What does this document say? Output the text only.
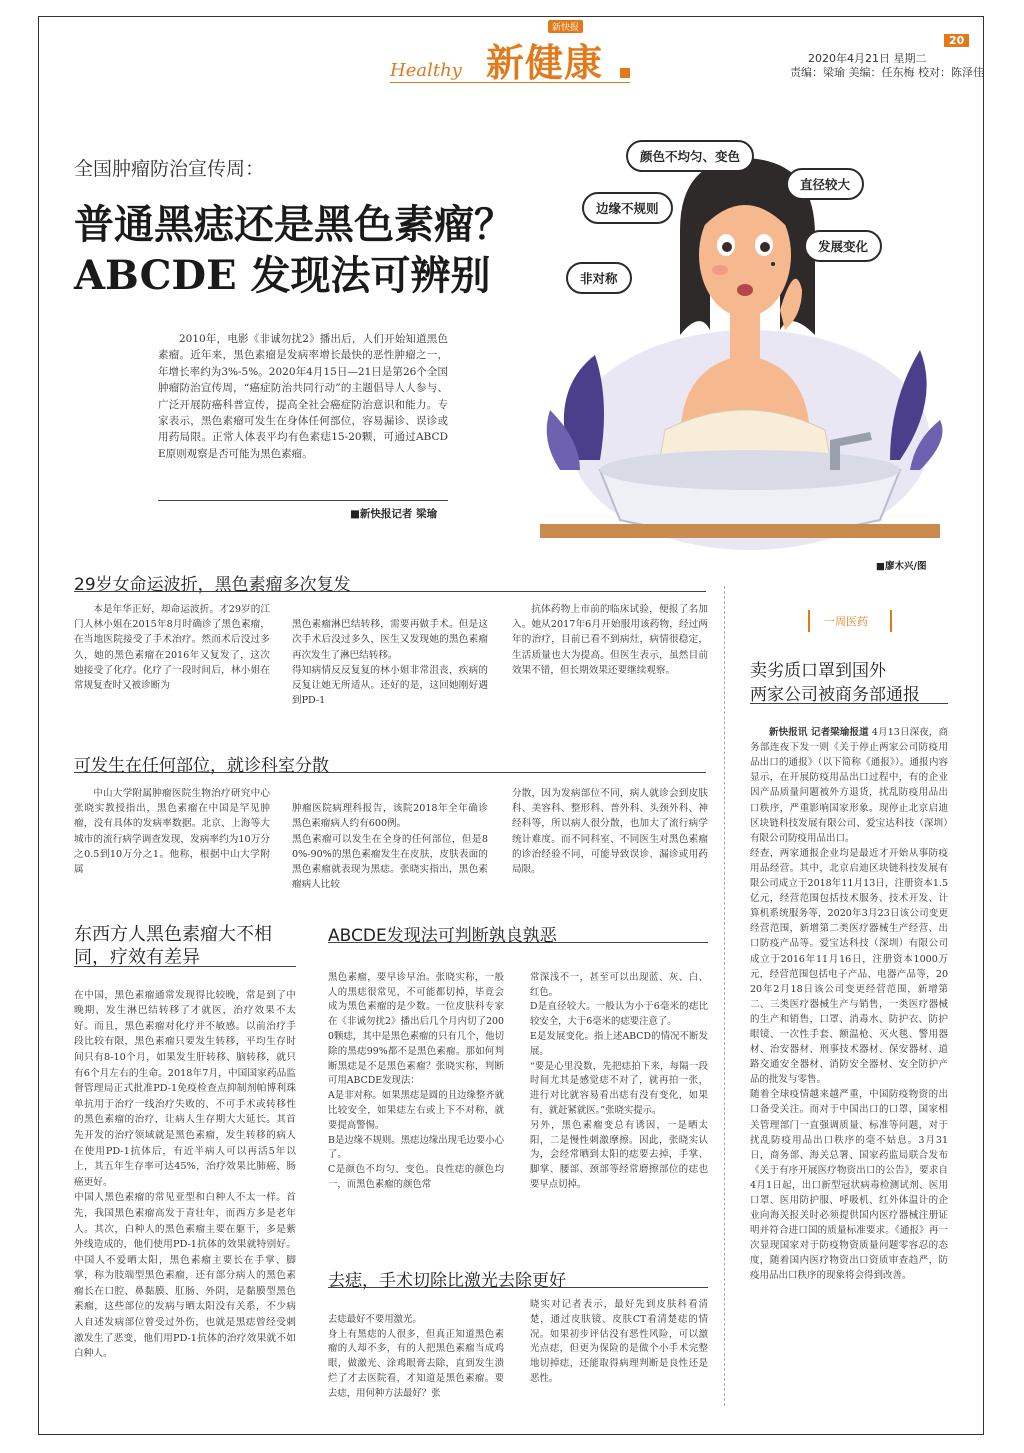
新快报
Healthy 新健康	20
2020年4月21日 星期二
责编：梁瑜 美编：任东梅 校对：陈泽佳
全国肿瘤防治宣传周：
普通黑痣还是黑色素瘤？
ABCDE 发现法可辨别

2010年，电影《非诚勿扰2》播出后，人们开始知道黑色素瘤。近年来，黑色素瘤是发病率增长最快的恶性肿瘤之一，年增长率约为3%-5%。2020年4月15日—21日是第26个全国肿瘤防治宣传周，“癌症防治共同行动”的主题倡导人人参与、广泛开展防癌科普宣传，提高全社会癌症防治意识和能力。专家表示，黑色素瘤可发生在身体任何部位，容易漏诊、误诊或用药局限。正常人体表平均有色素痣15-20颗，可通过ABCDE原则观察是否可能为黑色素瘤。

■新快报记者 梁瑜
颜色不均匀、变色
边缘不规则
直径较大
发展变化
非对称
■廖木兴/图
29岁女命运波折，黑色素瘤多次复发

本是年华正好，却命运波折。才29岁的江门人林小姐在2015年8月时确诊了黑色素瘤，在当地医院接受了手术治疗。然而术后没过多久，她的黑色素瘤在2016年又复发了，这次她接受了化疗。化疗了一段时间后，林小姐在常规复查时又被诊断为

黑色素瘤淋巴结转移，需要再做手术。但是这次手术后没过多久，医生又发现她的黑色素瘤再次发生了淋巴结转移。
得知病情反反复复的林小姐非常沮丧，疾病的反复让她无所适从。还好的是，这回她刚好遇到PD-1

抗体药物上市前的临床试验，便报了名加入。她从2017年6月开始服用该药物，经过两年的治疗，目前已看不到病灶，病情很稳定，生活质量也大为提高。但医生表示，虽然目前效果不错，但长期效果还要继续观察。

可发生在任何部位，就诊科室分散

中山大学附属肿瘤医院生物治疗研究中心张晓实教授指出，黑色素瘤在中国是罕见肿瘤，没有具体的发病率数据。北京、上海等大城市的流行病学调查发现，发病率约为10万分之0.5到10万分之1。他称，根据中山大学附属

肿瘤医院病理科报告，该院2018年全年确诊黑色素瘤病人约有600例。
黑色素瘤可以发生在全身的任何部位，但是80%-90%的黑色素瘤发生在皮肤，皮肤表面的黑色素瘤就表现为黑痣。张晓实指出，黑色素瘤病人比较

分散，因为发病部位不同，病人就诊会到皮肤科、美容科、整形科、普外科、头颈外科、神经科等，所以病人很分散，也加大了流行病学统计难度。而不同科室、不同医生对黑色素瘤的诊治经验不同，可能导致误诊、漏诊或用药局限。

东西方人黑色素瘤大不相
同，疗效有差异

在中国，黑色素瘤通常发现得比较晚，常是到了中晚期、发生淋巴结转移了才就医，治疗效果不太好。而且，黑色素瘤对化疗并不敏感。以前治疗手段比较有限，黑色素瘤只要发生转移，平均生存时间只有8-10个月，如果发生肝转移、脑转移，就只有6个月左右的生命。2018年7月，中国国家药品监督管理局正式批准PD-1免疫检查点抑制剂帕博利珠单抗用于治疗一线治疗失败的、不可手术或转移性的黑色素瘤的治疗，让病人生存期大大延长。其首先开发的治疗领域就是黑色素瘤，发生转移的病人在使用PD-1抗体后，有近半病人可以再活5年以上，其五年生存率可达45%，治疗效果比肺癌、肠癌更好。
中国人黑色素瘤的常见亚型和白种人不太一样。首先，我国黑色素瘤高发于青壮年，而西方多是老年人。其次，白种人的黑色素瘤主要在躯干，多是紫外线造成的，他们使用PD-1抗体的效果就特别好。中国人不爱晒太阳，黑色素瘤主要长在手掌、脚掌，称为肢端型黑色素瘤，还有部分病人的黑色素瘤长在口腔、鼻黏膜、肛肠、外阴，是黏膜型黑色素瘤，这些部位的发病与晒太阳没有关系，不少病人自述发病部位曾受过外伤，也就是黑痣曾经受刺激发生了恶变，他们用PD-1抗体的治疗效果就不如白种人。

ABCDE发现法可判断孰良孰恶

黑色素瘤，要早诊早治。张晓实称，一般人的黑痣很常见，不可能都切掉，毕竟会成为黑色素瘤的是少数。一位皮肤科专家在《非诚勿扰2》播出后几个月内切了2000颗痣，其中是黑色素瘤的只有几个，他切除的黑痣99%都不是黑色素瘤。那如何判断黑痣是不是黑色素瘤？张晓实称，判断可用ABCDE发现法：
A是非对称。如果黑痣是圆的且边缘整齐就比较安全，如果痣左右或上下不对称，就要提高警惕。
B是边缘不规则。黑痣边缘出现毛边要小心了。
C是颜色不均匀、变色。良性痣的颜色均一，而黑色素瘤的颜色常

常深浅不一，甚至可以出现蓝、灰、白、红色。
D是直径较大。一般认为小于6毫米的痣比较安全，大于6毫米的痣要注意了。
E是发展变化。指上述ABCD的情况不断发展。
“要是心里没数，先把痣拍下来，每隔一段时间尤其是感觉痣不对了，就再拍一张，进行对比就容易看出痣有没有变化，如果有，就赶紧就医。”张晓实提示。
另外，黑色素瘤变总有诱因，一是晒太阳，二是慢性刺激摩擦。因此，张晓实认为，会经常晒到太阳的痣要去掉，手掌、脚掌、腰部、颈部等经常磨擦部位的痣也要早点切掉。

去痣，手术切除比激光去除更好

去痣最好不要用激光。
身上有黑痣的人很多，但真正知道黑色素瘤的人却不多，有的人把黑色素瘤当成鸡眼，做激光、涂鸡眼膏去除，直到发生溃烂了才去医院看，才知道是黑色素瘤。要去痣，用何种方法最好？张

晓实对记者表示，最好先到皮肤科看清楚，通过皮肤镜、皮肤CT看清楚痣的情况。如果初步评估没有恶性风险，可以激光点痣，但更为保险的是做个小手术完整地切掉痣，还能取得病理判断是良性还是恶性。

一周医药
卖劣质口罩到国外
两家公司被商务部通报

新快报讯 记者梁瑜报道 4月13日深夜，商务部连夜下发一则《关于停止两家公司防疫用品出口的通报》（以下简称《通报》）。通报内容显示，在开展防疫用品出口过程中，有的企业因产品质量问题被外方退货，扰乱防疫用品出口秩序，严重影响国家形象。现停止北京启迪区块链科技发展有限公司、爱宝达科技（深圳）有限公司防疫用品出口。
经查，两家通报企业均是最近才开始从事防疫用品经营。其中，北京启迪区块链科技发展有限公司成立于2018年11月13日，注册资本1.5亿元，经营范围包括技术服务、技术开发、计算机系统服务等，2020年3月23日该公司变更经营范围，新增第二类医疗器械生产经营、出口防疫产品等。爱宝达科技（深圳）有限公司成立于2016年11月16日，注册资本1000万元，经营范围包括电子产品、电器产品等，2020年2月18日该公司变更经营范围，新增第二、三类医疗器械生产与销售，一类医疗器械的生产和销售，口罩、消毒水、防护衣、防护眼镜、一次性手套、额温枪、灭火毯、警用器材、治安器材、刑事技术器材、保安器材、道路交通安全器材、消防安全器材、安全防护产品的批发与零售。
随着全球疫情越来越严重，中国防疫物资的出口备受关注。而对于中国出口的口罩，国家相关管理部门一直强调质量、标准等问题，对于扰乱防疫用品出口秩序的毫不姑息。3月31日，商务部、海关总署、国家药监局联合发布《关于有序开展医疗物资出口的公告》，要求自4月1日起，出口新型冠状病毒检测试剂、医用口罩、医用防护服、呼吸机、红外体温计的企业向海关报关时必须提供国内医疗器械注册证明并符合进口国的质量标准要求。《通报》再一次显现国家对于防疫物资质量问题零容忍的态度，随着国内医疗物资出口资质审查趋严，防疫用品出口秩序的现象将会得到改善。
